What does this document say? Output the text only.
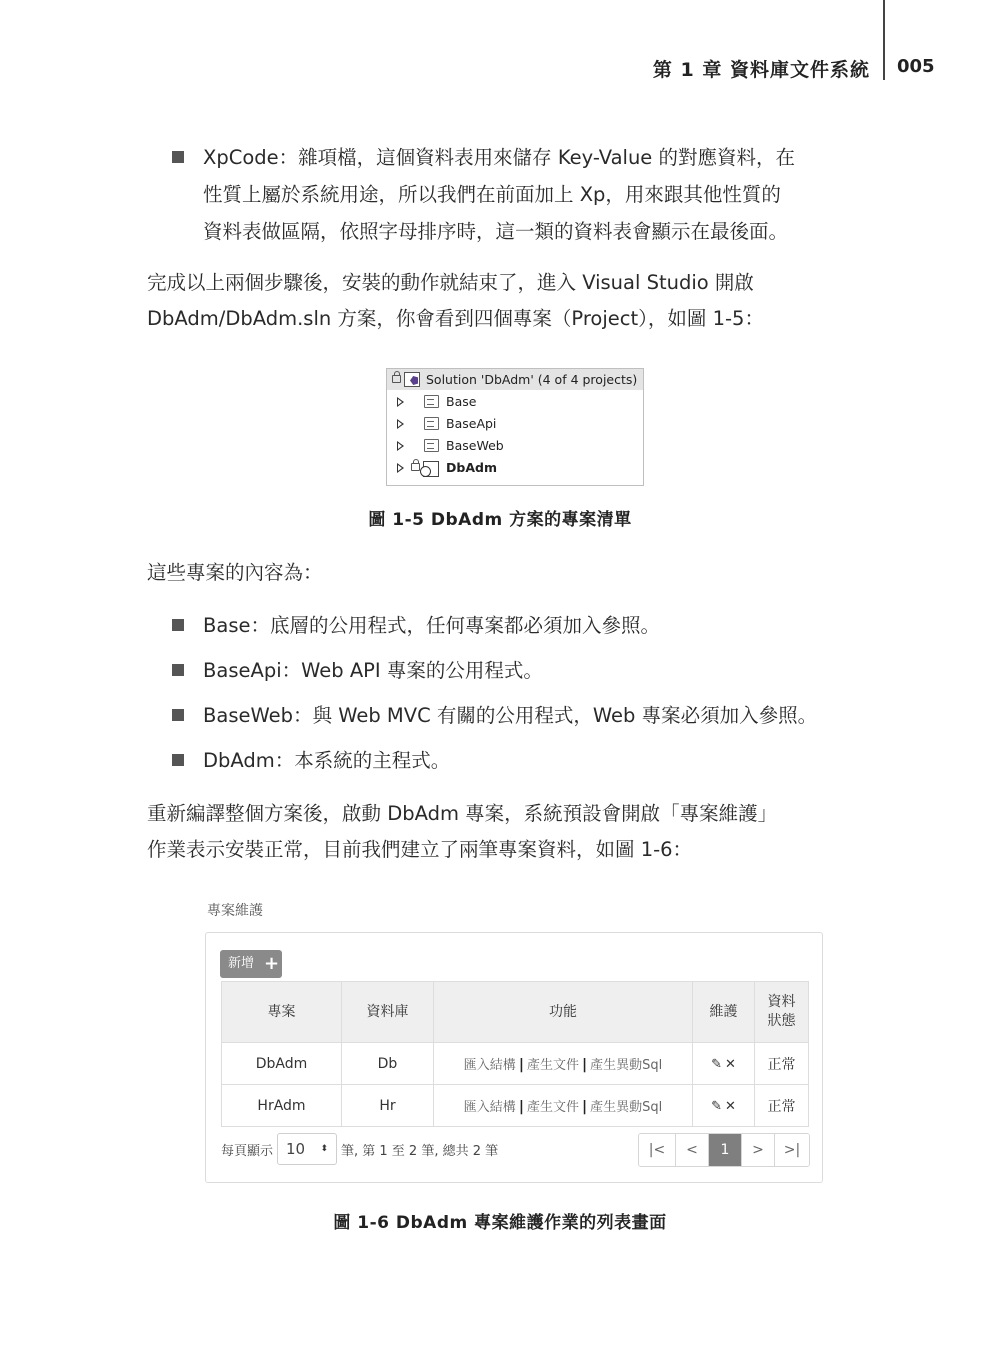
第 1 章 資料庫文件系統 005
XpCode：雜項檔，這個資料表用來儲存 Key-Value 的對應資料，在
性質上屬於系統用途，所以我們在前面加上 Xp，用來跟其他性質的
資料表做區隔，依照字母排序時，這一類的資料表會顯示在最後面。
完成以上兩個步驟後，安裝的動作就結束了，進入 Visual Studio 開啟
DbAdm/DbAdm.sln 方案，你會看到四個專案（Project），如圖 1-5：
Solution 'DbAdm' (4 of 4 projects)
Base
BaseApi
BaseWeb
DbAdm
圖 1-5 DbAdm 方案的專案清單
這些專案的內容為：
Base：底層的公用程式，任何專案都必須加入參照。
BaseApi：Web API 專案的公用程式。
BaseWeb：與 Web MVC 有關的公用程式，Web 專案必須加入參照。
DbAdm：本系統的主程式。
重新編譯整個方案後，啟動 DbAdm 專案，系統預設會開啟「專案維護」
作業表示安裝正常，目前我們建立了兩筆專案資料，如圖 1-6：
專案維護
新增 +
專案	資料庫	功能	維護	資料
狀態
DbAdm	Db	匯入結構 | 產生文件 | 產生異動Sql	✎ ✕	正常
HrAdm	Hr	匯入結構 | 產生文件 | 產生異動Sql	✎ ✕	正常
每頁顯示 10 ⬍ 筆, 第 1 至 2 筆, 總共 2 筆	|<	<	1	>	>|
圖 1-6 DbAdm 專案維護作業的列表畫面
